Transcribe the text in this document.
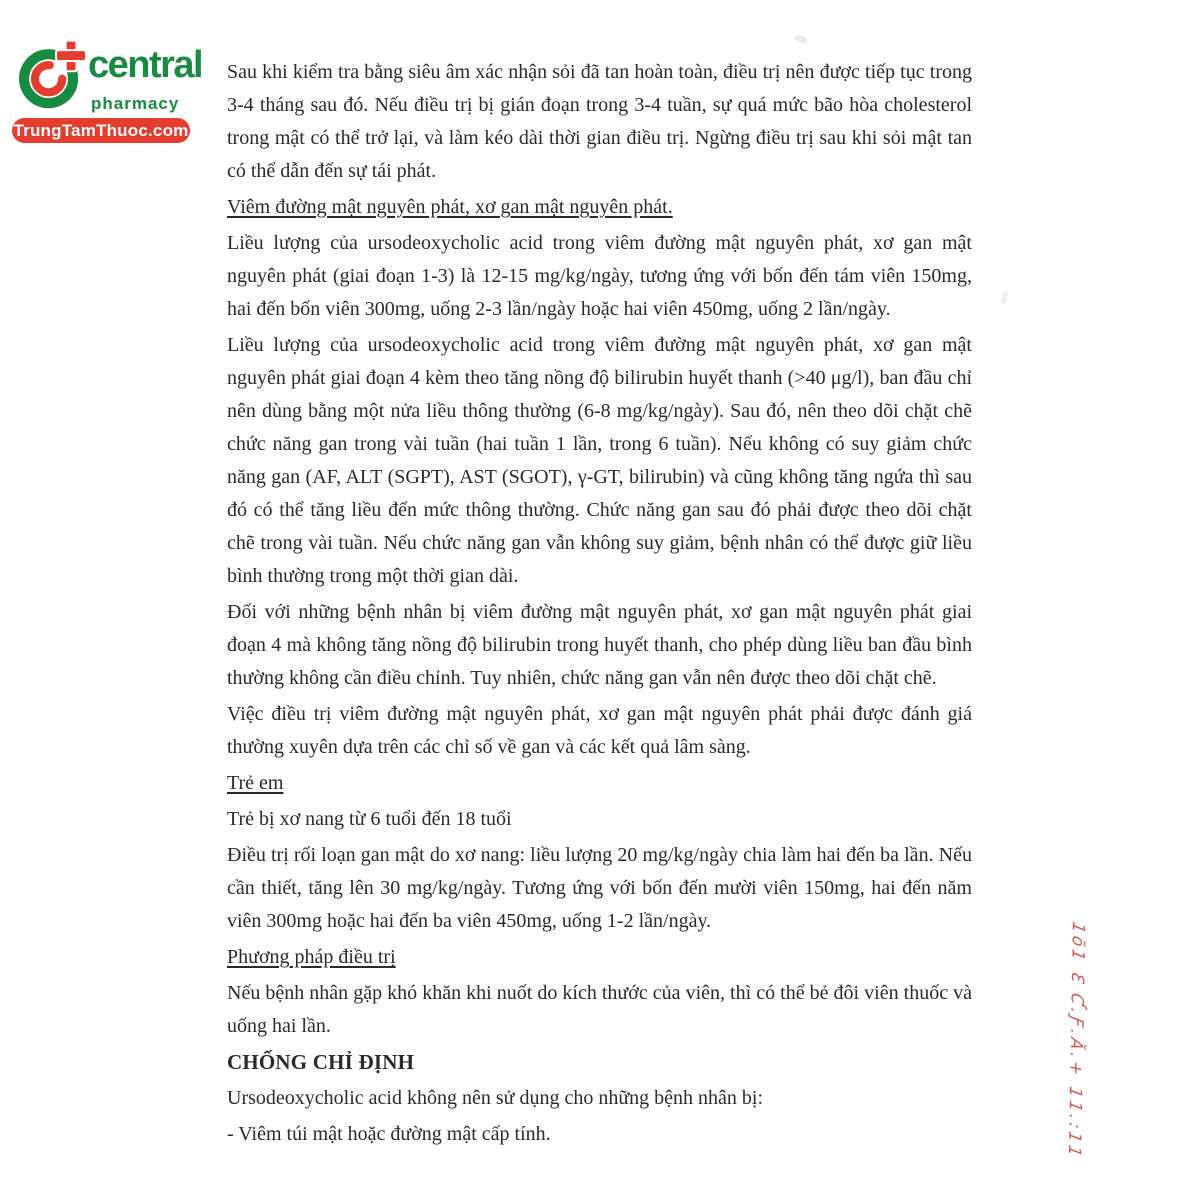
central
pharmacy
TrungTamThuoc.com

Sau khi kiểm tra bằng siêu âm xác nhận sỏi đã tan hoàn toàn, điều trị nên được tiếp tục trong 3-4 tháng sau đó. Nếu điều trị bị gián đoạn trong 3-4 tuần, sự quá mức bão hòa cholesterol trong mật có thể trở lại, và làm kéo dài thời gian điều trị. Ngừng điều trị sau khi sỏi mật tan có thể dẫn đến sự tái phát.

Viêm đường mật nguyên phát, xơ gan mật nguyên phát.

Liều lượng của ursodeoxycholic acid trong viêm đường mật nguyên phát, xơ gan mật nguyên phát (giai đoạn 1-3) là 12-15 mg/kg/ngày, tương ứng với bốn đến tám viên 150mg, hai đến bốn viên 300mg, uống 2-3 lần/ngày hoặc hai viên 450mg, uống 2 lần/ngày.

Liều lượng của ursodeoxycholic acid trong viêm đường mật nguyên phát, xơ gan mật nguyên phát giai đoạn 4 kèm theo tăng nồng độ bilirubin huyết thanh (>40 μg/l), ban đầu chỉ nên dùng bằng một nửa liều thông thường (6-8 mg/kg/ngày). Sau đó, nên theo dõi chặt chẽ chức năng gan trong vài tuần (hai tuần 1 lần, trong 6 tuần). Nếu không có suy giảm chức năng gan (AF, ALT (SGPT), AST (SGOT), γ-GT, bilirubin) và cũng không tăng ngứa thì sau đó có thể tăng liều đến mức thông thường. Chức năng gan sau đó phải được theo dõi chặt chẽ trong vài tuần. Nếu chức năng gan vẫn không suy giảm, bệnh nhân có thể được giữ liều bình thường trong một thời gian dài.

Đối với những bệnh nhân bị viêm đường mật nguyên phát, xơ gan mật nguyên phát giai đoạn 4 mà không tăng nồng độ bilirubin trong huyết thanh, cho phép dùng liều ban đầu bình thường không cần điều chỉnh. Tuy nhiên, chức năng gan vẫn nên được theo dõi chặt chẽ.

Việc điều trị viêm đường mật nguyên phát, xơ gan mật nguyên phát phải được đánh giá thường xuyên dựa trên các chỉ số về gan và các kết quả lâm sàng.

Trẻ em

Trẻ bị xơ nang từ 6 tuổi đến 18 tuổi

Điều trị rối loạn gan mật do xơ nang: liều lượng 20 mg/kg/ngày chia làm hai đến ba lần. Nếu cần thiết, tăng lên 30 mg/kg/ngày. Tương ứng với bốn đến mười viên 150mg, hai đến năm viên 300mg hoặc hai đến ba viên 450mg, uống 1-2 lần/ngày.

Phương pháp điều trị

Nếu bệnh nhân gặp khó khăn khi nuốt do kích thước của viên, thì có thể bẻ đôi viên thuốc và uống hai lần.

CHỐNG CHỈ ĐỊNH

Ursodeoxycholic acid không nên sử dụng cho những bệnh nhân bị:

- Viêm túi mật hoặc đường mật cấp tính.	1ŏ1 Ɛ Ƈ.Ƒ.Ă.+ 11.:11
